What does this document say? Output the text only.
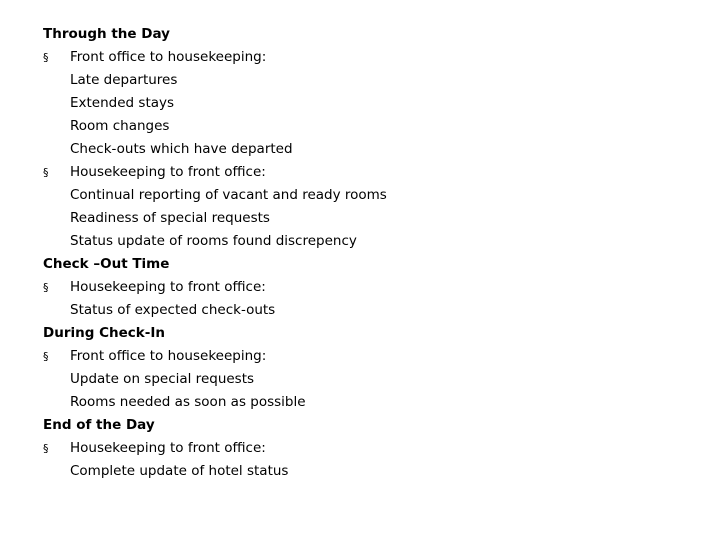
Through the Day
§	Front office to housekeeping:
Late departures
Extended stays
Room changes
Check-outs which have departed
§	Housekeeping to front office:
Continual reporting of vacant and ready rooms
Readiness of special requests
Status update of rooms found discrepency
Check –Out Time
§	Housekeeping to front office:
Status of expected check-outs
During Check-In
§	Front office to housekeeping:
Update on special requests
Rooms needed as soon as possible
End of the Day
§	Housekeeping to front office:
Complete update of hotel status
